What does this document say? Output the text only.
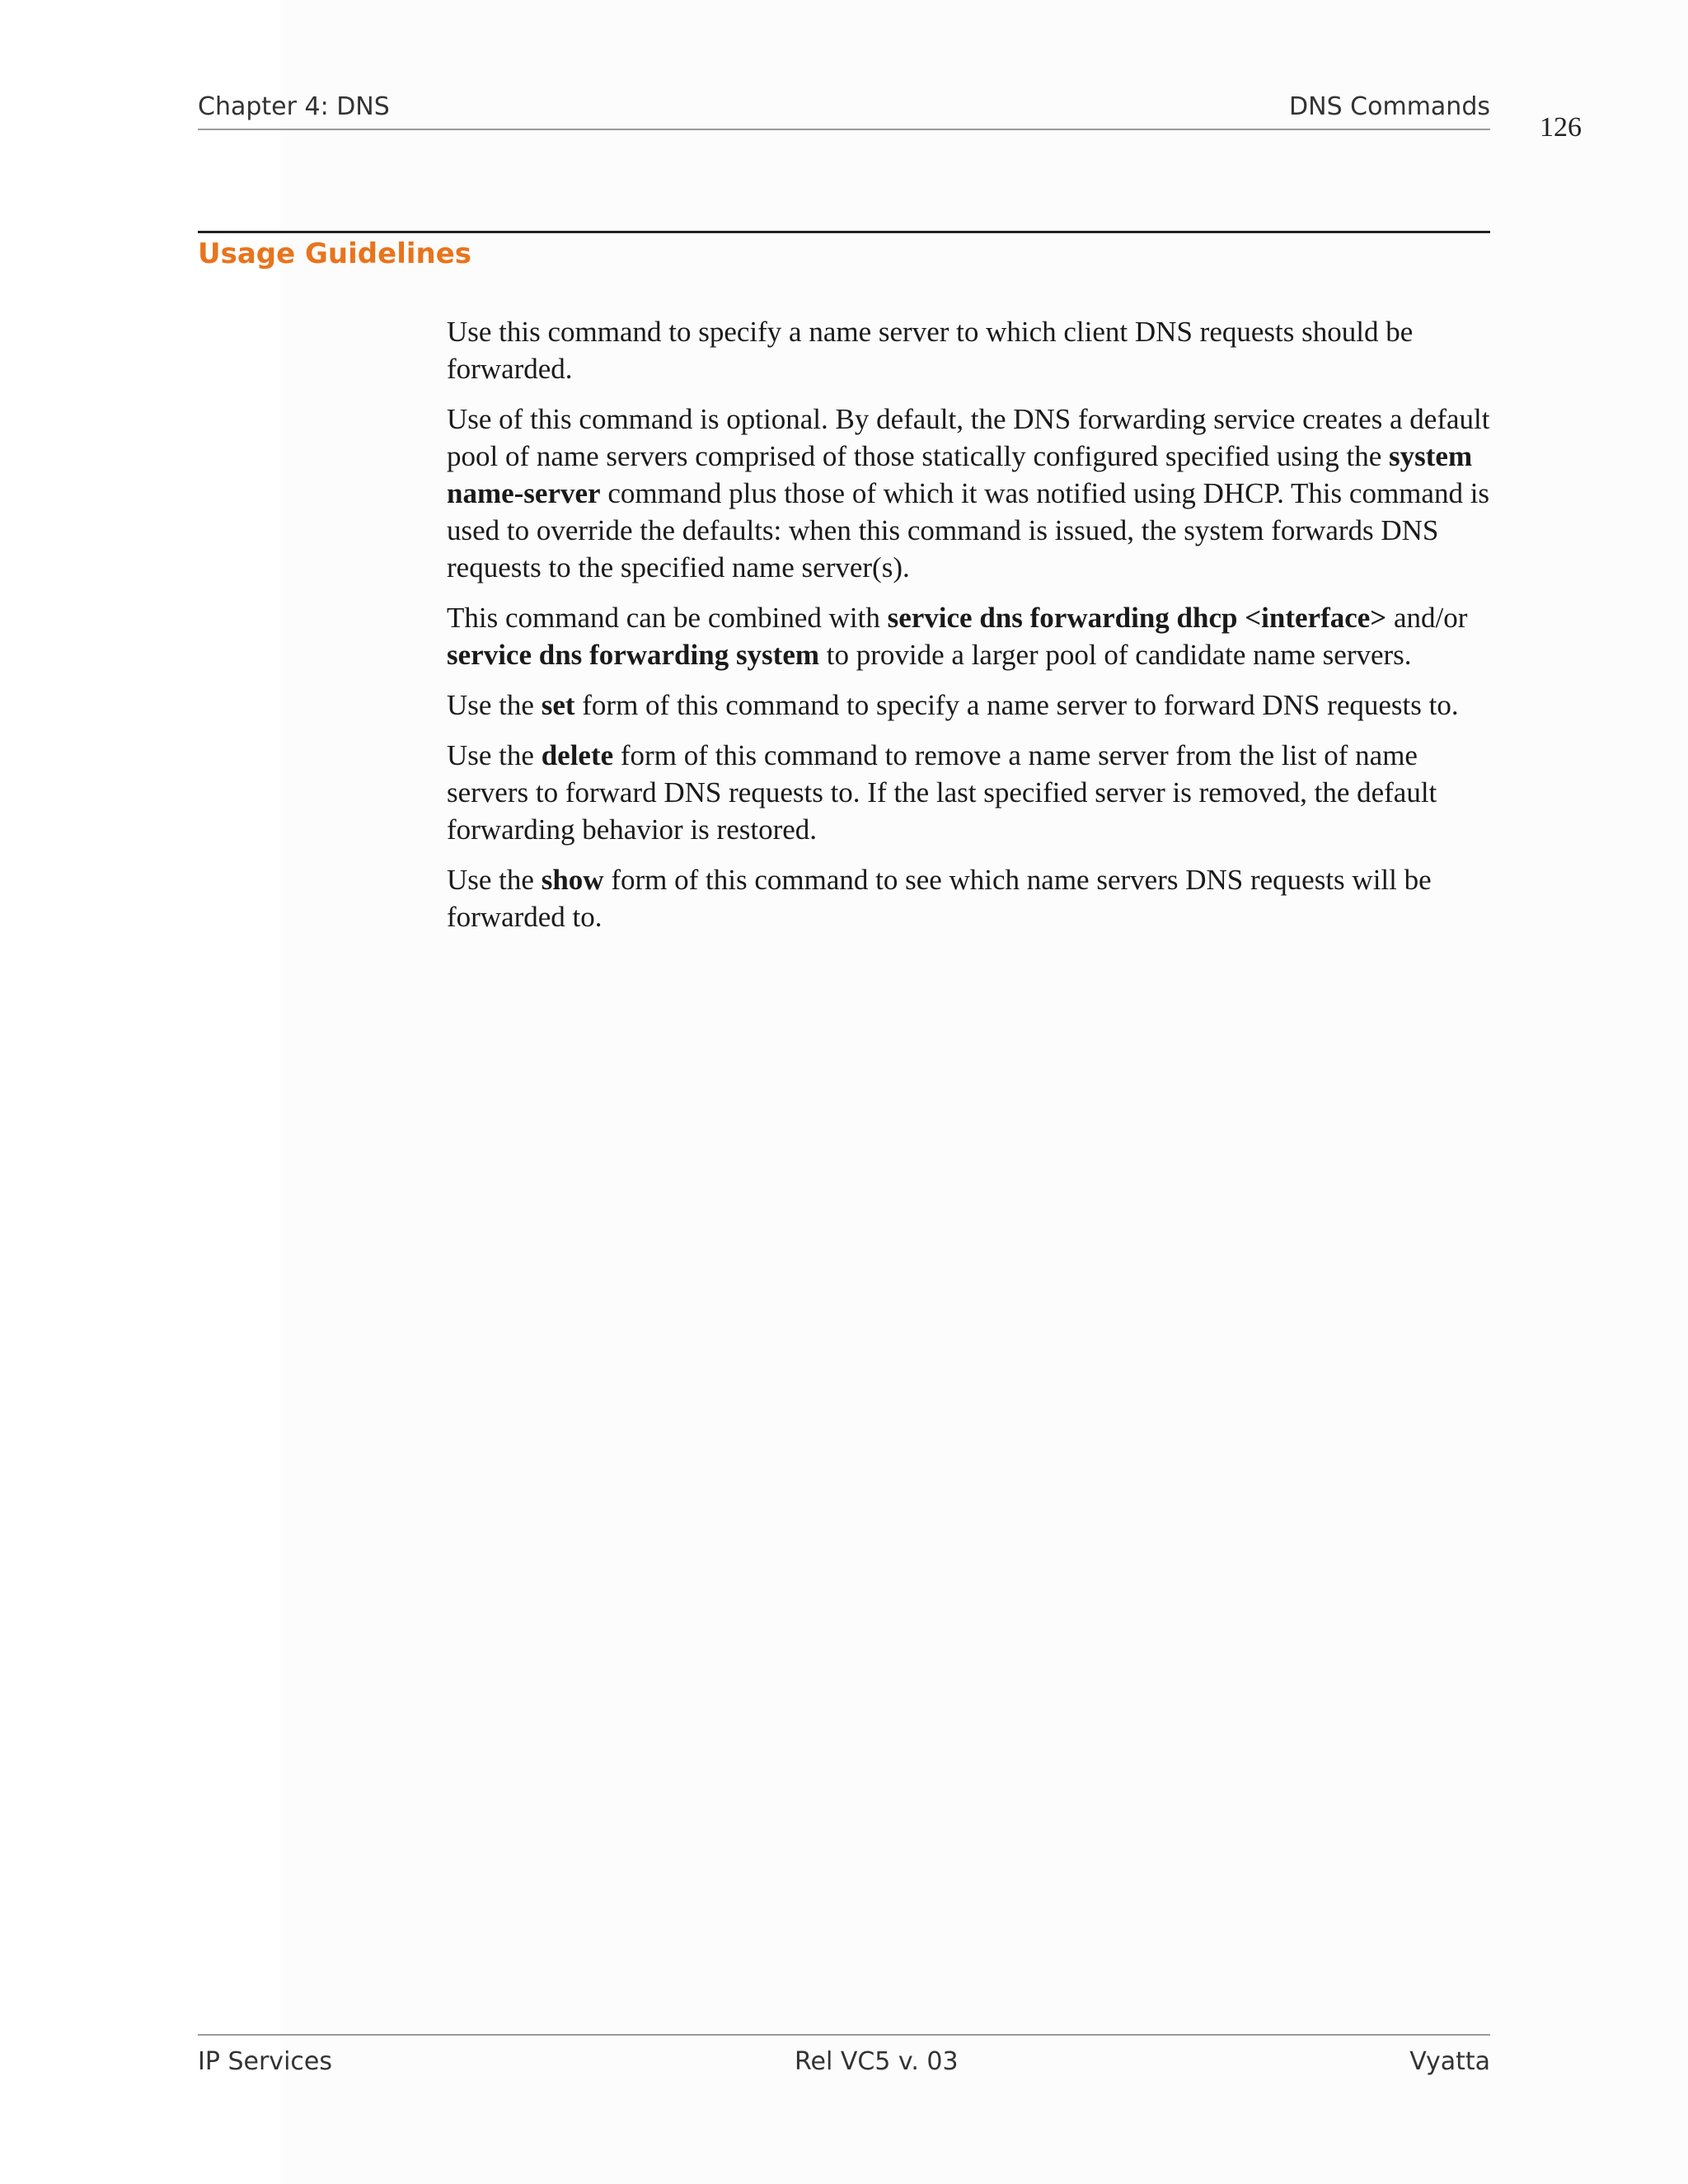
Chapter 4: DNS	DNS Commands
126
Usage Guidelines

Use this command to specify a name server to which client DNS requests should be forwarded.

Use of this command is optional. By default, the DNS forwarding service creates a default pool of name servers comprised of those statically configured specified using the system name-server command plus those of which it was notified using DHCP. This command is used to override the defaults: when this command is issued, the system forwards DNS requests to the specified name server(s).

This command can be combined with service dns forwarding dhcp <interface> and/or service dns forwarding system to provide a larger pool of candidate name servers.

Use the set form of this command to specify a name server to forward DNS requests to.

Use the delete form of this command to remove a name server from the list of name servers to forward DNS requests to. If the last specified server is removed, the default forwarding behavior is restored.

Use the show form of this command to see which name servers DNS requests will be forwarded to.

IP Services	Rel VC5 v. 03	Vyatta
